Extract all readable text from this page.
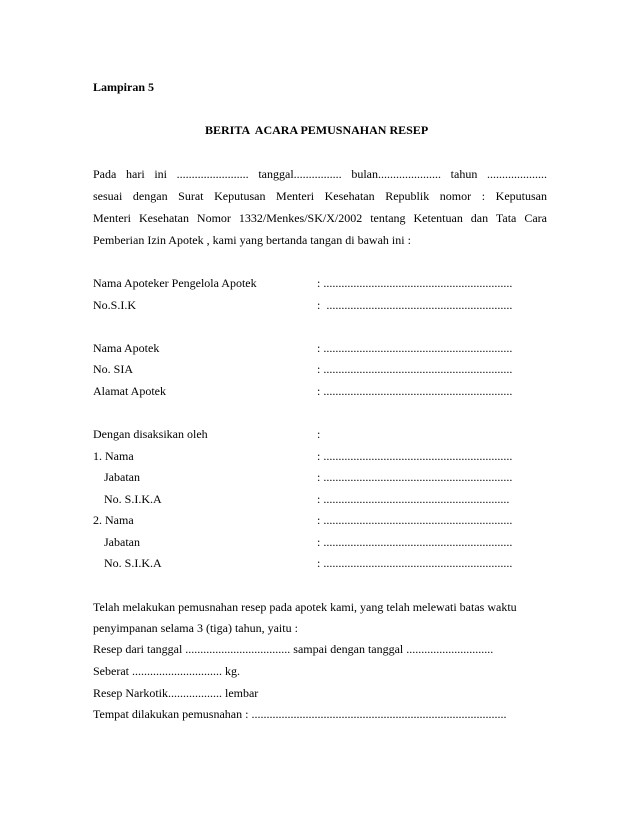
Lampiran 5
BERITA  ACARA PEMUSNAHAN RESEP
Pada hari ini ........................ tanggal................ bulan..................... tahun ....................
sesuai dengan Surat Keputusan Menteri Kesehatan Republik nomor : Keputusan
Menteri Kesehatan Nomor 1332/Menkes/SK/X/2002 tentang Ketentuan dan Tata Cara
Pemberian Izin Apotek , kami yang bertanda tangan di bawah ini :
Nama Apoteker Pengelola Apotek	: ...............................................................
No.S.I.K	:  ..............................................................
Nama Apotek	: ...............................................................
No. SIA	: ...............................................................
Alamat Apotek	: ...............................................................
Dengan disaksikan oleh	:
1. Nama	: ...............................................................
Jabatan	: ...............................................................
No. S.I.K.A	: ..............................................................
2. Nama	: ...............................................................
Jabatan	: ...............................................................
No. S.I.K.A	: ...............................................................
Telah melakukan pemusnahan resep pada apotek kami, yang telah melewati batas waktu
penyimpanan selama 3 (tiga) tahun, yaitu :
Resep dari tanggal ................................... sampai dengan tanggal .............................
Seberat .............................. kg.
Resep Narkotik.................. lembar
Tempat dilakukan pemusnahan : .....................................................................................
